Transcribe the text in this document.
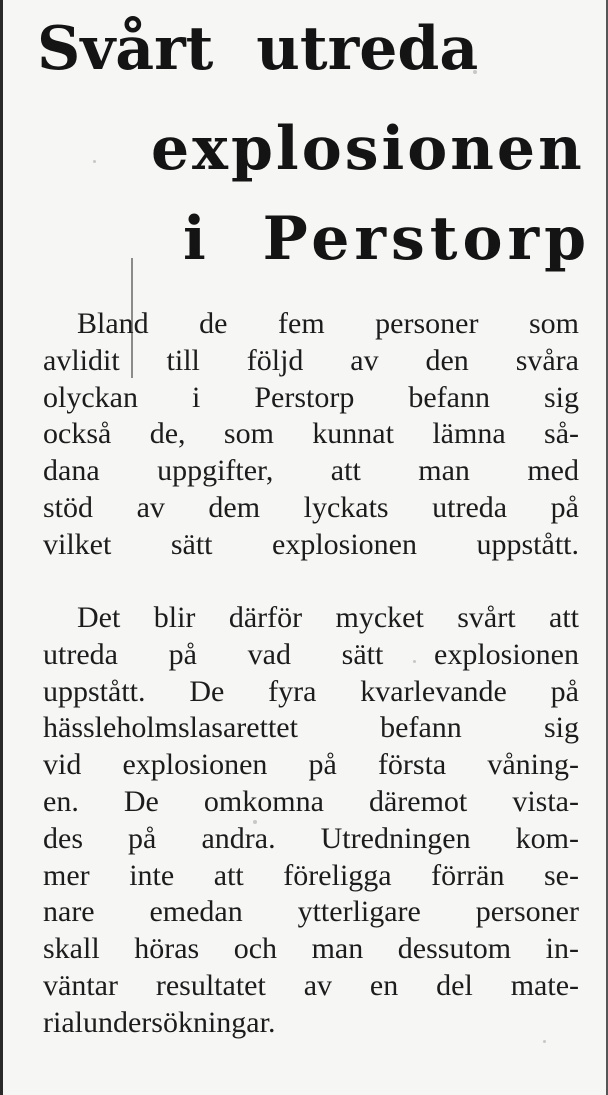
Svårt utreda
explosionen
i Perstorp

Bland de fem personer som
avlidit till följd av den svåra
olyckan i Perstorp befann sig
också de, som kunnat lämna så-
dana uppgifter, att man med
stöd av dem lyckats utreda på
vilket sätt explosionen uppstått.

Det blir därför mycket svårt att
utreda på vad sätt explosionen
uppstått. De fyra kvarlevande på
hässleholmslasarettet befann sig
vid explosionen på första våning-
en. De omkomna däremot vista-
des på andra. Utredningen kom-
mer inte att föreligga förrän se-
nare emedan ytterligare personer
skall höras och man dessutom in-
väntar resultatet av en del mate-
rialundersökningar.
